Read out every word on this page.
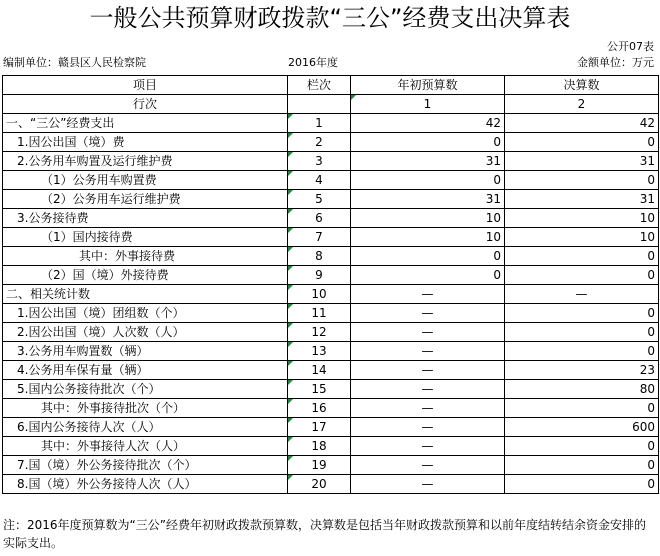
一般公共预算财政拨款“三公”经费支出决算表
公开07表
编制单位：赣县区人民检察院	2016年度	金额单位：万元
项目	栏次	年初预算数	决算数
行次		1	2
一、“三公”经费支出	1	42	42
1.因公出国（境）费	2	0	0
2.公务用车购置及运行维护费	3	31	31
（1）公务用车购置费	4	0	0
（2）公务用车运行维护费	5	31	31
3.公务接待费	6	10	10
（1）国内接待费	7	10	10
其中：外事接待费	8	0	0
（2）国（境）外接待费	9	0	0
二、相关统计数	10	—	—
1.因公出国（境）团组数（个）	11	—	0
2.因公出国（境）人次数（人）	12	—	0
3.公务用车购置数（辆）	13	—	0
4.公务用车保有量（辆）	14	—	23
5.国内公务接待批次（个）	15	—	80
其中：外事接待批次（个）	16	—	0
6.国内公务接待人次（人）	17	—	600
其中：外事接待人次（人）	18	—	0
7.国（境）外公务接待批次（个）	19	—	0
8.国（境）外公务接待人次（人）	20	—	0
注：2016年度预算数为“三公”经费年初财政拨款预算数，决算数是包括当年财政拨款预算和以前年度结转结余资金安排的实际支出。
